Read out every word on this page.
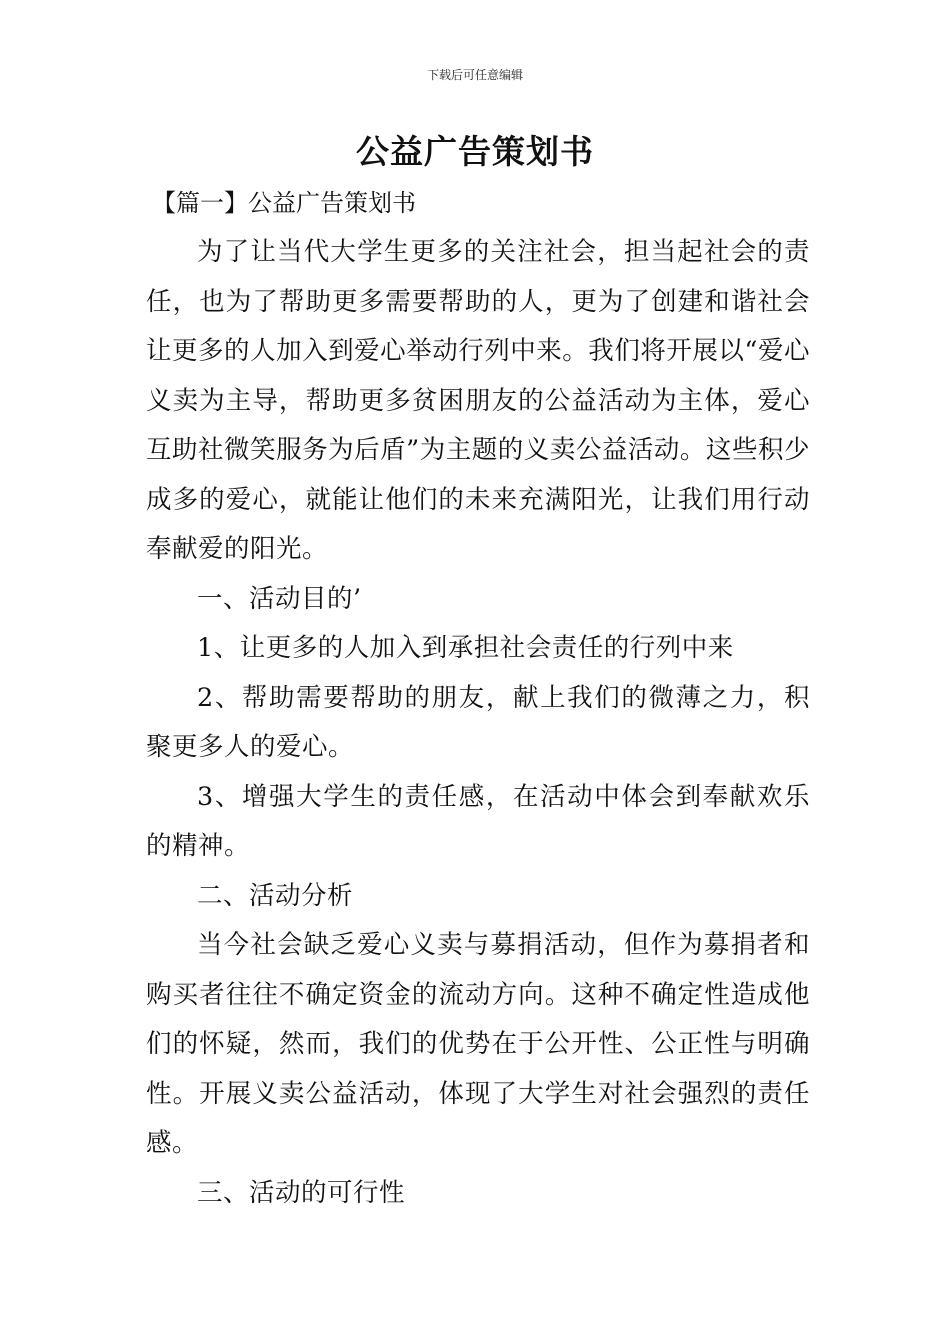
下载后可任意编辑
公益广告策划书
【篇一】公益广告策划书

为了让当代大学生更多的关注社会，担当起社会的责任，也为了帮助更多需要帮助的人，更为了创建和谐社会让更多的人加入到爱心举动行列中来。我们将开展以“爱心义卖为主导，帮助更多贫困朋友的公益活动为主体，爱心互助社微笑服务为后盾”为主题的义卖公益活动。这些积少成多的爱心，就能让他们的未来充满阳光，让我们用行动奉献爱的阳光。

一、活动目的’

1、让更多的人加入到承担社会责任的行列中来

2、帮助需要帮助的朋友，献上我们的微薄之力，积聚更多人的爱心。

3、增强大学生的责任感，在活动中体会到奉献欢乐的精神。

二、活动分析

当今社会缺乏爱心义卖与募捐活动，但作为募捐者和购买者往往不确定资金的流动方向。这种不确定性造成他们的怀疑，然而，我们的优势在于公开性、公正性与明确性。开展义卖公益活动，体现了大学生对社会强烈的责任感。

三、活动的可行性
